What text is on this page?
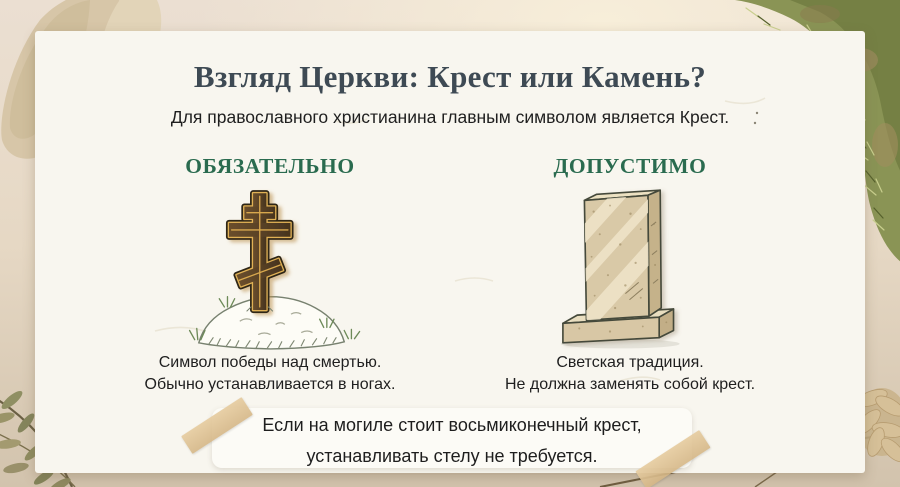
Взгляд Церкви: Крест или Камень?

Для православного христианина главным символом является Крест.

ОБЯЗАТЕЛЬНО

Символ победы над смертью.
Обычно устанавливается в ногах.

ДОПУСТИМО

Светская традиция.
Не должна заменять собой крест.

Если на могиле стоит восьмиконечный крест,
устанавливать стелу не требуется.
